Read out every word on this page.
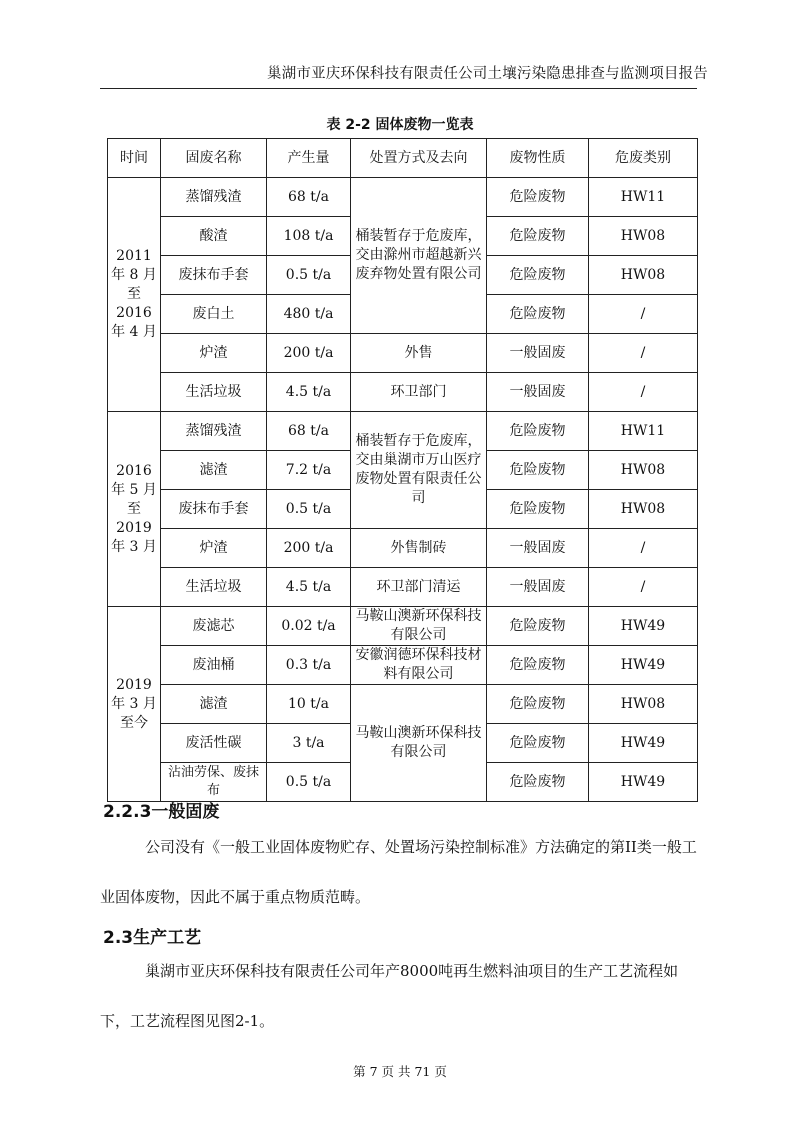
巢湖市亚庆环保科技有限责任公司土壤污染隐患排查与监测项目报告
表 2-2 固体废物一览表
时间	固废名称	产生量	处置方式及去向	废物性质	危废类别
2011
年 8 月
至
2016
年 4 月	蒸馏残渣	68 t/a	桶装暂存于危废库，交由滁州市超越新兴废弃物处置有限公司	危险废物	HW11
	酸渣	108 t/a		危险废物	HW08
	废抹布手套	0.5 t/a		危险废物	HW08
	废白土	480 t/a		危险废物	/
	炉渣	200 t/a	外售	一般固废	/
	生活垃圾	4.5 t/a	环卫部门	一般固废	/
2016
年 5 月
至
2019
年 3 月	蒸馏残渣	68 t/a	桶装暂存于危废库，交由巢湖市万山医疗废物处置有限责任公司	危险废物	HW11
	滤渣	7.2 t/a		危险废物	HW08
	废抹布手套	0.5 t/a		危险废物	HW08
	炉渣	200 t/a	外售制砖	一般固废	/
	生活垃圾	4.5 t/a	环卫部门清运	一般固废	/
2019
年 3 月
至今	废滤芯	0.02 t/a	马鞍山澳新环保科技有限公司	危险废物	HW49
	废油桶	0.3 t/a	安徽润德环保科技材料有限公司	危险废物	HW49
	滤渣	10 t/a	马鞍山澳新环保科技有限公司	危险废物	HW08
	废活性碳	3 t/a		危险废物	HW49
	沾油劳保、废抹布	0.5 t/a		危险废物	HW49
2.2.3一般固废

公司没有《一般工业固体废物贮存、处置场污染控制标准》方法确定的第II类一般工业固体废物，因此不属于重点物质范畴。

2.3生产工艺

巢湖市亚庆环保科技有限责任公司年产8000吨再生燃料油项目的生产工艺流程如下，工艺流程图见图2-1。

第 7 页 共 71 页
